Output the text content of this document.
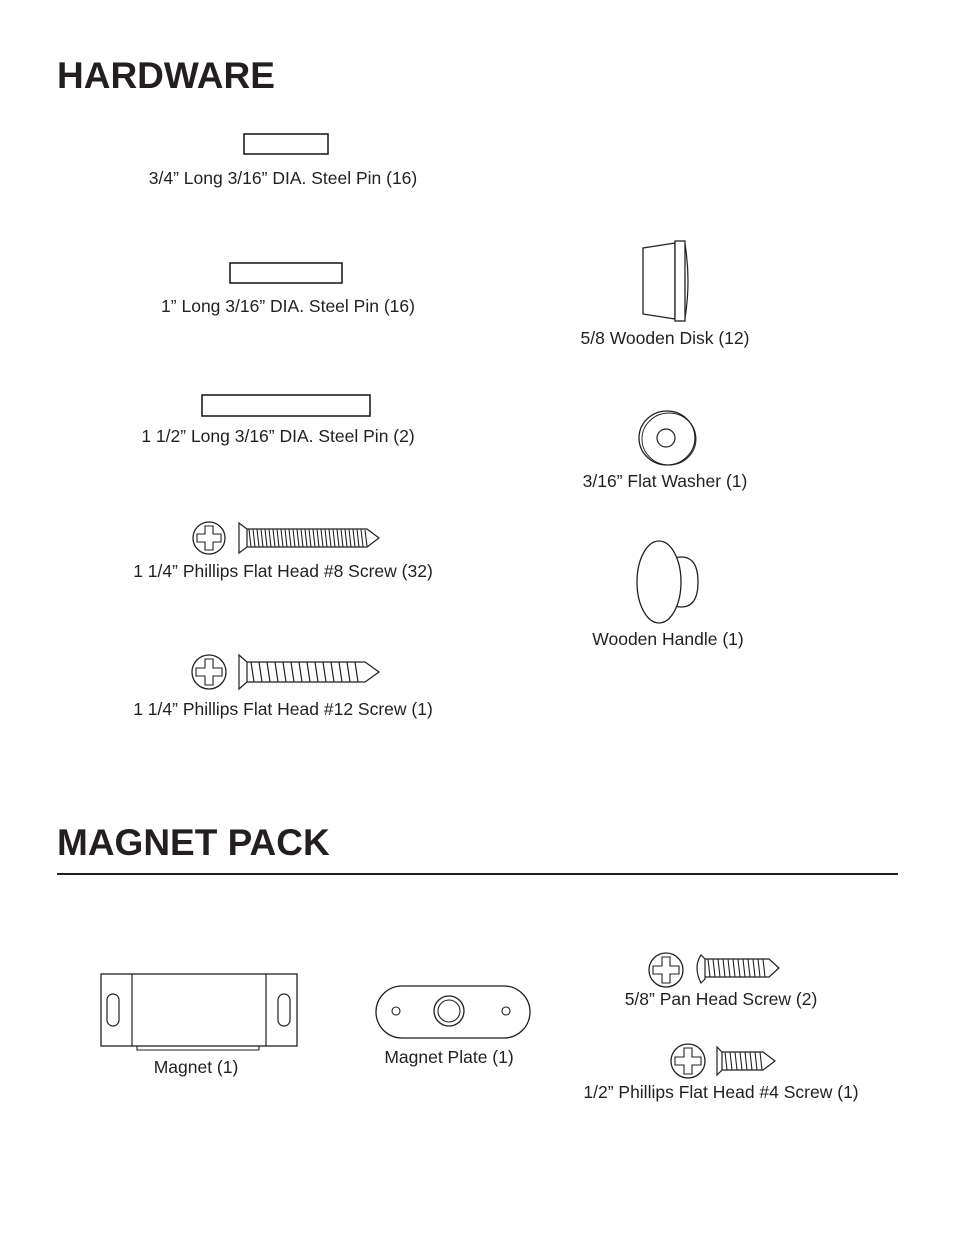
HARDWARE
3/4” Long 3/16” DIA. Steel Pin (16)
1” Long 3/16” DIA. Steel Pin (16)
1 1/2” Long 3/16” DIA. Steel Pin (2)
1 1/4” Phillips Flat Head #8 Screw (32)
1 1/4” Phillips Flat Head #12 Screw (1)
5/8 Wooden Disk (12)
3/16” Flat Washer (1)
Wooden Handle (1)
MAGNET PACK
Magnet (1)	Magnet Plate (1)
5/8” Pan Head Screw (2)
1/2” Phillips Flat Head #4 Screw (1)
